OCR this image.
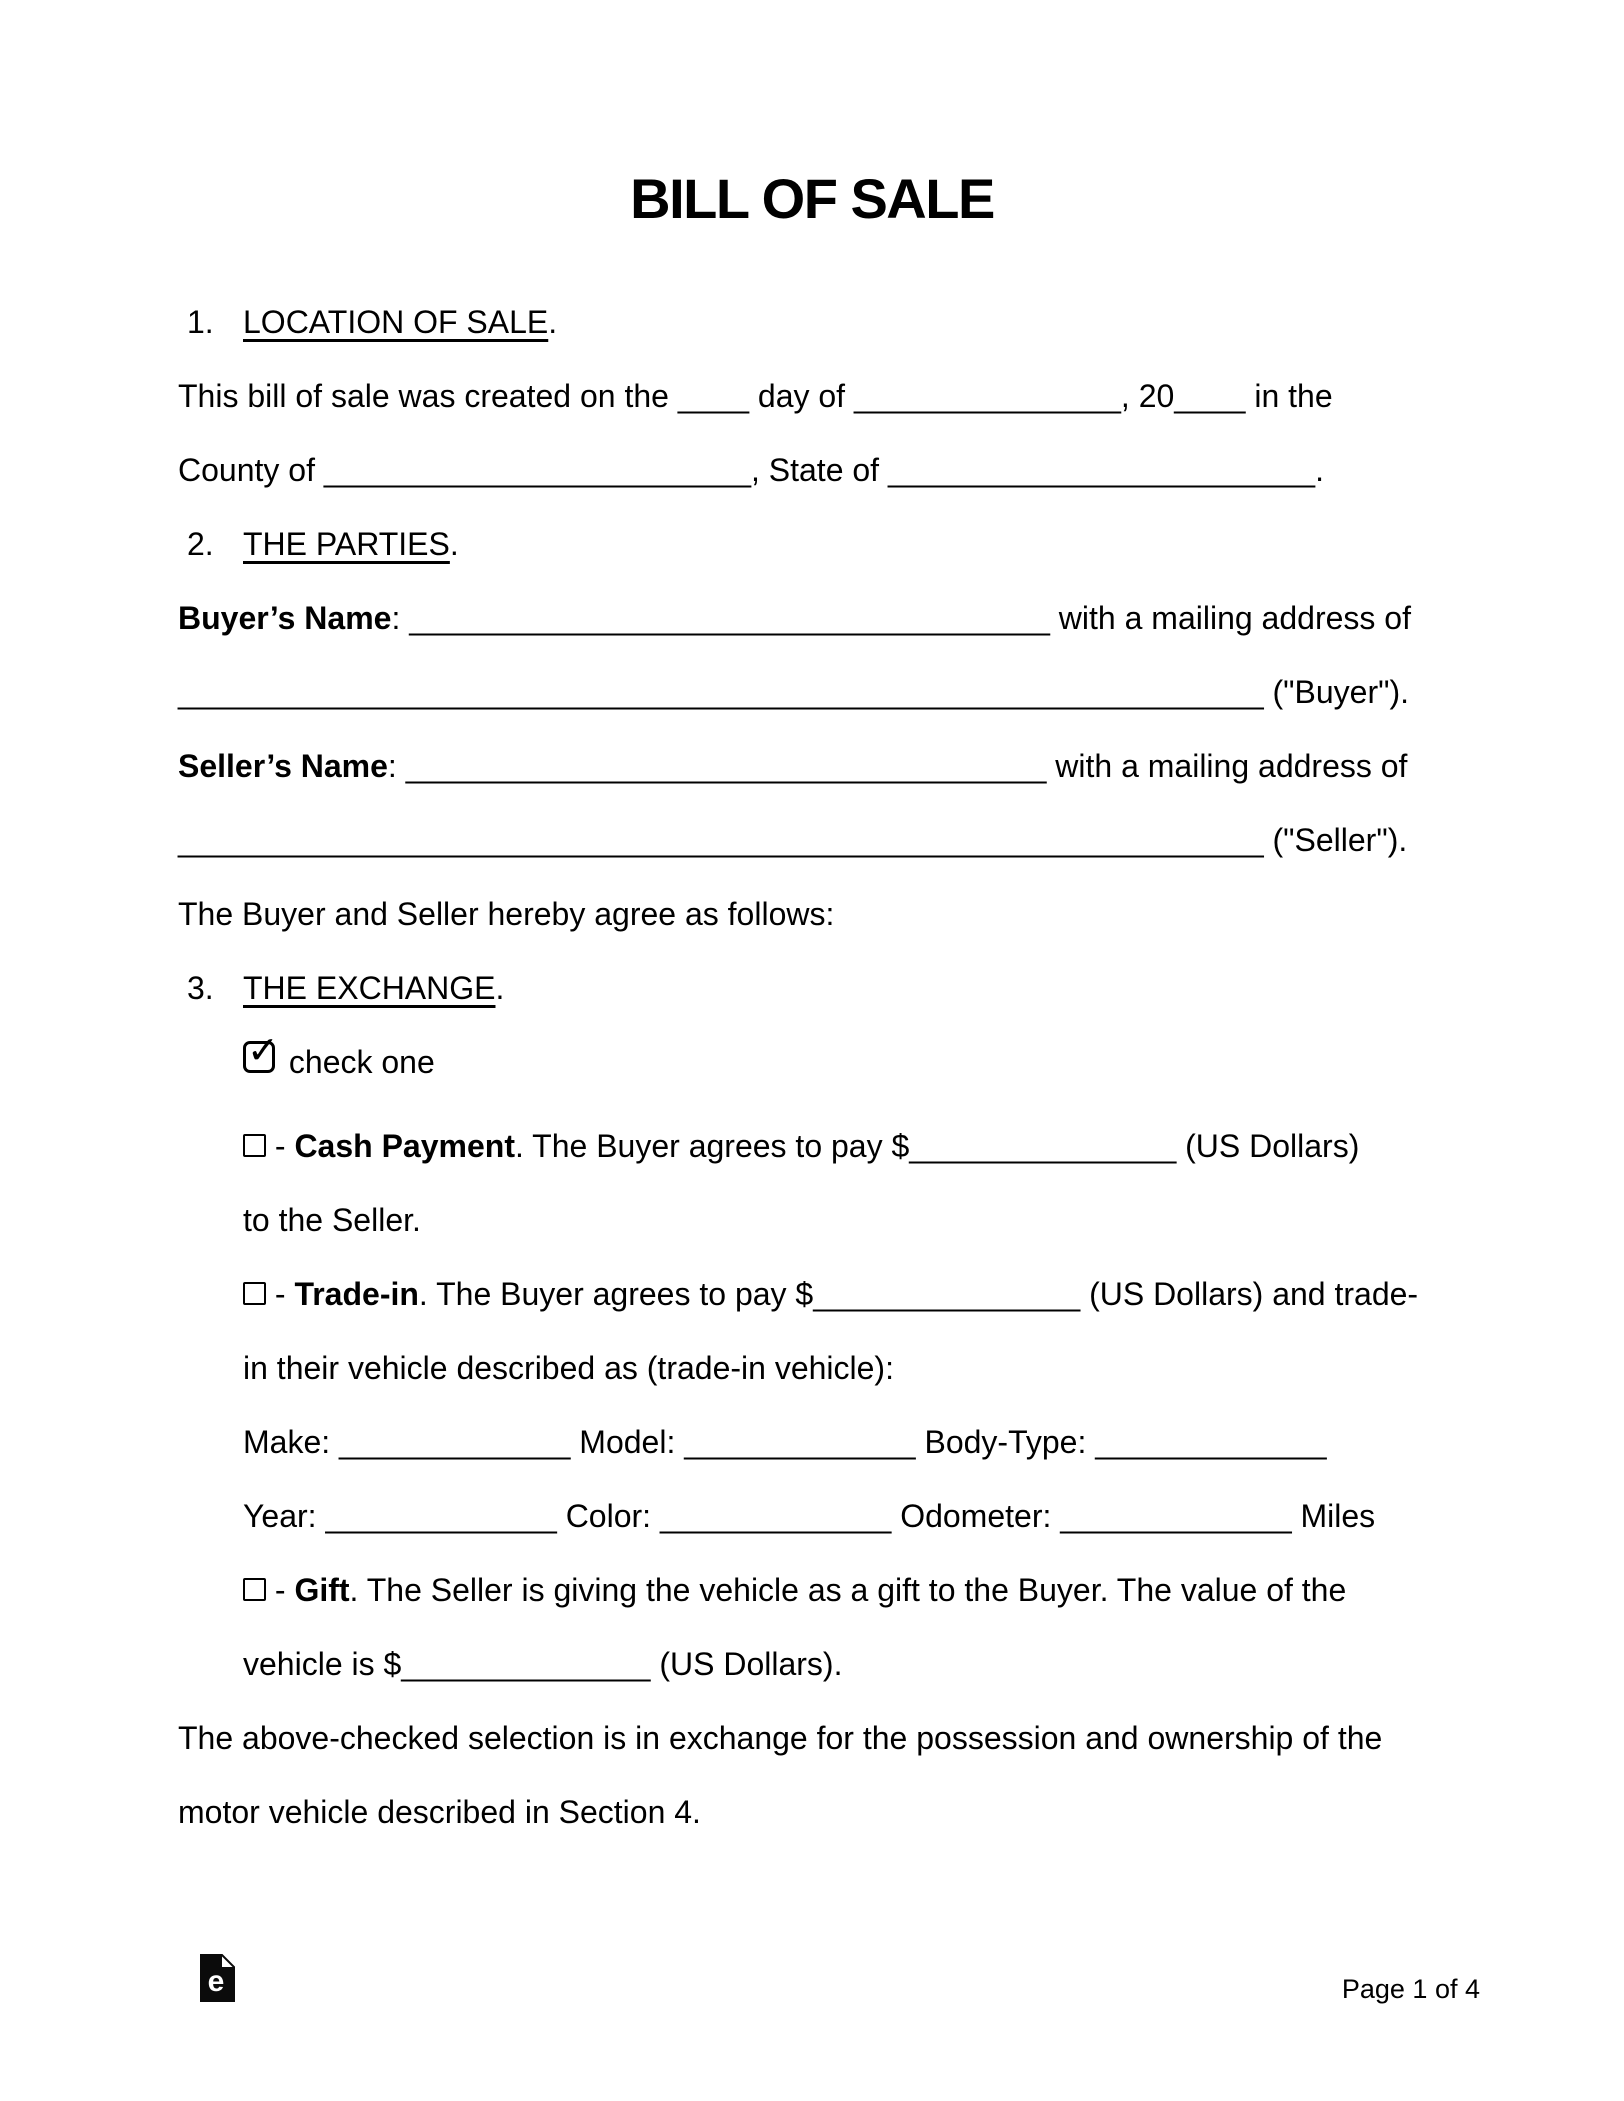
BILL OF SALE
1. LOCATION OF SALE.
This bill of sale was created on the ____ day of _______________, 20____ in the
County of ________________________, State of ________________________.
2. THE PARTIES.
Buyer’s Name: ____________________________________ with a mailing address of
_____________________________________________________________ ("Buyer").
Seller’s Name: ____________________________________ with a mailing address of
_____________________________________________________________ ("Seller").
The Buyer and Seller hereby agree as follows:
3. THE EXCHANGE.
✓ check one
- Cash Payment. The Buyer agrees to pay $_______________ (US Dollars)
to the Seller.
- Trade-in. The Buyer agrees to pay $_______________ (US Dollars) and trade-
in their vehicle described as (trade-in vehicle):
Make: _____________ Model: _____________ Body-Type: _____________
Year: _____________ Color: _____________ Odometer: _____________ Miles
- Gift. The Seller is giving the vehicle as a gift to the Buyer. The value of the
vehicle is $______________ (US Dollars).
The above-checked selection is in exchange for the possession and ownership of the
motor vehicle described in Section 4.
e	Page 1 of 4
